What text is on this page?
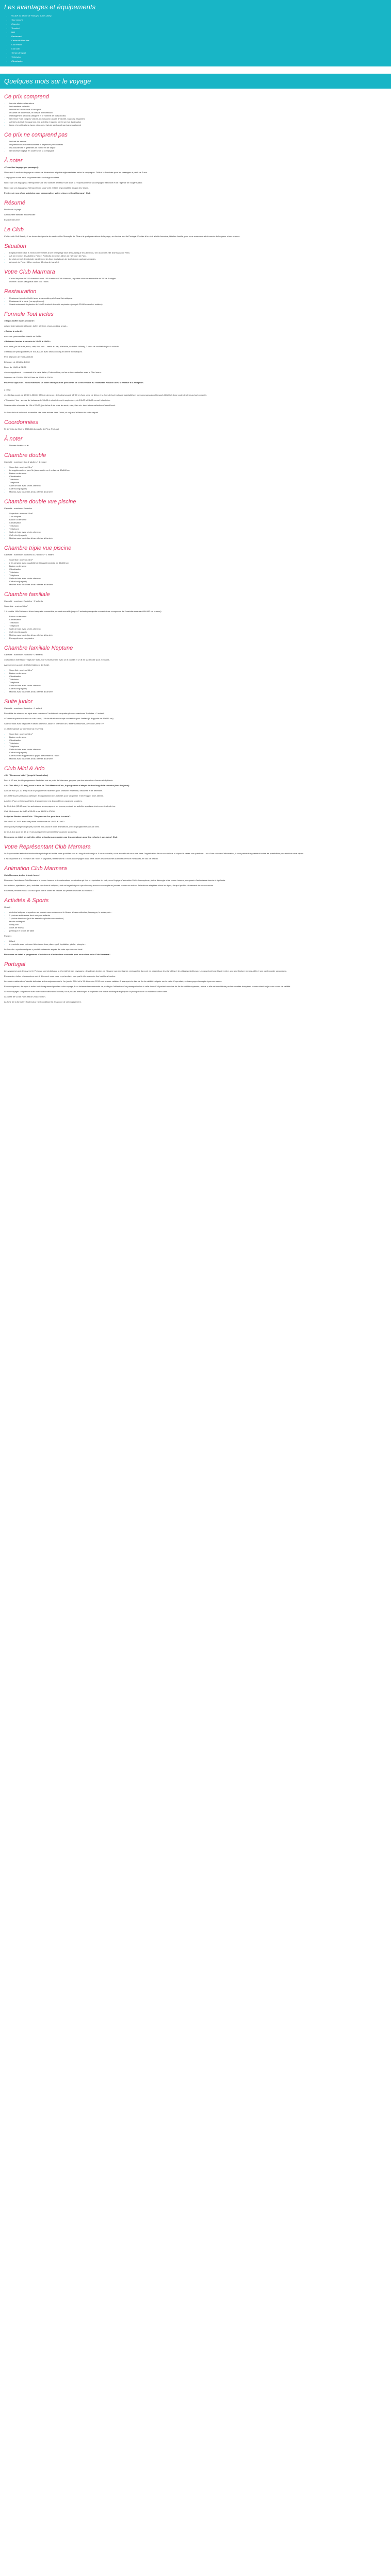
Les avantages et équipements
• Vol A/R au départ de Paris (+3 autres villes)
• Tout compris
• Chambre
• Transfert
• Wifi
• Restaurant
• Centre de bien-être
• Club enfant
• Club ado
• Terrain de sport
• Télévision
• Climatisation
Quelques mots sur le voyage
Ce prix comprend
• les vols affrétés aller retour
• les transferts collectifs
• l'accueil et l'assistance à l'aéroport
• le carnet de bienvenue, le chèque d'information
• l'hébergement selon la catégorie et le nombre de nuits choisis
• la formule "tout compris" (repas, en boissons locales à volonté, snacking et goûter)
• activités du Club (programme, les activités et sports) par le service d'animation
• taxes et modifications, taxes aéroports, frais de gestion et surcharge carburant
Ce prix ne comprend pas
• les frais de service
• les prestations non mentionnées et dépenses personnelles
• les assurances et garanties de bonne fin de séjour
• la franchise bagage en soute selon la compagnie
À noter

• Franchise bagage (par passager) :

Valise soit 1 seule du bagage en cabine de dimensions et poids réglementaires selon la compagnie. Celle à la franchise pour les passagers à partir de 2 ans.

1 bagage en soute est à supplément et à la charge du client.

Notez que vos bagages à l'aéroport lors de leur collecte de retour sont sous la responsabilité de la compagnie aérienne et de l'agence de l'organisateur.

Notez que vos bagages à l'aéroport sont sous votre entière responsabilité jusqu'à leur dépôt.

Profitez de nos offres spéciales pour personnaliser votre séjour en Club Marmara ! Club

Résumé

Proche de la plage

Atmosphère familiale et conviviale

Espace bien-être

Le Club

L'hôtel-club Golf Beach, 4* se trouve tout proche du centre-ville d'Armação de Pêra et à quelques mètres de la plage, sur la côte sud du Portugal. Profitez d'un club à taille humaine, idéal en famille, pour vous ressourcer et découvrir de l'Algarve et ses criques.

Situation
• Emplacement idéal, à environ 400 mètres d'une belle plage face de l'Atlantique et à environ 2 km du centre-ville d'Armação de Pêra.
• À 5 km environ de Albufeira. Faro et Portimão à environ 45 km de l'aéroport de Faro.
• Le club permet de rejoindre rapidement les lieux touristiques de la région en quelques minutes.
• Aéroport de Faro : 55 km environ, 50 mins de transfert.
Votre Club Marmara
• L'hôtel dispose de 232 chambres dont 150 chambres Club Marmara, réparties dans un ensemble de "U" de 4 étages.
• Internet : accès wifi gratuit dans tout l'hôtel.
Restauration
• Restaurant principal buffet avec show-cooking et dîners thématiques.
• Restaurant à la carte (en supplément).
• Snack-restaurant de piscine de 10h00 à minuit de mai à septembre (jusqu'à 22h30 en avril et octobre).
Formule Tout inclus

• Repas buffet matin à volonté :

cuisine internationale et locale, buffet à thème, show-cooking, snack...

• Goûter à volonté :

avec une gourmandise chaude ou froide.

• Boissons locales à volonté de 10h00 à 23h00 :

eau, bière, jus de fruits, soda, café, thé, vins... servis au bar, à la table, au buffet. Whisky, 2 choix de cocktail du jour à volonté.

• Restaurant principal buffet, le SOLEADO, avec show-cooking et dîners thématiques.

Petit déjeuner de 7h00 à 10h30

Déjeuner de 12h30 à 14h30

Dîner de 19h00 à 21h30

• Avec supplément : restaurant à la carte Italien, Poisson Dive, ou les entrées actuelles avec le Chef menu.

Déjeuner de 12h30 à 15h30 Dîner de 19h00 à 22h30

Pour vos séjour de 7 nuits minimum, un dîner offert pour les personnes de la réservation au restaurant Poisson Dive, si réservé à la réception.

2 bars :

• Le Bellao ouvert de 10h00 à 23h00, 08% de demeure, de toutes jusqu'à 18h00 et d'une carte de détox et la formule tout inclus de spécialités et boissons sans alcool (jusqu'à 18h00 et d'une carte de dîner au tout compris).

• "Sunshine" bar : service de boissons de 10h00 à minuit de mai à septembre ; de 19h00 à 23h00 en avril et octobre.

Snacks salés et sucrés de 10h à 22h30, jeu du bar & de chez les amis, café, thés etc. demi et une sélection d'alcool local.

La formule tout inclus est accessible dès votre arrivée dans l'hôtel, et ce jusqu'à l'heure de votre départ

Coordonnées

R. da Vista do Oiteiro, 8365-116 Armação de Pêra, Portugal

À noter
• Normes locales : 4 ★
Chambre double

Capacité : maximum 3 ou 2 adultes + 1 enfant

• Superficie : environ 23 m²
• Le supplément est pour 3e (deux adults ou 1 enfant de 80x180 cm
• Balcon ou terrasse
• Climatisation
• Télévision
• Téléphone
• Salle de bain avec sèche-cheveux
• Coffre-fort (payant)
• Minibar avec bouteilles d'eau offertes à l'arrivée
Chambre double vue piscine

Capacité : maximum 2 adultes

• Superficie : environ 23 m²
• 2 lits simples
• Balcon ou terrasse
• Climatisation
• Télévision
• Téléphone
• Salle de bain avec sèche-cheveux
• Coffre-fort (payant)
• Minibar avec bouteilles d'eau offertes à l'arrivée
Chambre triple vue piscine

Capacité : maximum 3 adultes ou 2 adultes + 1 enfant

• Superficie : environ 28 m²
• 2 lits simples avec possibilité de lit supplémentaire de 80x180 cm
• Balcon ou terrasse
• Climatisation
• Télévision
• Téléphone
• Salle de bain avec sèche-cheveux
• Coffre-fort (payant)
• Minibar avec bouteilles d'eau offertes à l'arrivée
Chambre familiale

Capacité : maximum 2 adultes + 2 enfants

Superficie : environ 34 m²

1 lit double 160x200 cm et d'une banquette convertible pouvant accueillir jusqu'à 2 enfants (banquette convertible se composant de 2 matelas mesurant 80x180 cm chacun).

• Balcon ou terrasse
• Climatisation
• Télévision
• Téléphone
• Salle de bain avec sèche-cheveux
• Coffre-fort (payant)
• Minibar avec bouteilles d'eau offertes à l'arrivée
• En supplément vue piscine
Chambre familiale Neptune

Capacité : maximum 2 adultes + 2 enfants

• Décoration esthétique "Neptune" autour de l'univers marin avec un lit double et un lit en superposé pour 2 enfants.

Agencement au sein de l'hôtel bâtiment de l'hôtel.

• Superficie : environ 34 m²
• Balcon ou terrasse
• Climatisation
• Télévision
• Téléphone
• Salle de bain avec sèche-cheveux
• Coffre-fort (payant)
• Minibar avec bouteilles d'eau offertes à l'arrivée
Suite junior

Capacité : maximum 3 adultes + 1 enfant

Possibilité de réserver en triple avec maximum 3 adultes et en quadruple avec maximum 3 adultes + 1 enfant.

• Chambre spacieuse avec un coin salon, 1 lit double et un canapé convertible pour l'enfant (lit d'appoint de 80x180 cm).

Salle de bain avec baignoire et sèche-cheveux, salon et chambre de 2 enfants maximum, avec une 2ème TV.

• Lit bébé gratuit sur demande (à réserver).

• Superficie : environ 56 m²
• Balcon ou terrasse
• Climatisation
• Télévision
• Téléphone
• Salle de bain avec sèche-cheveux
• Coffre-fort (payant)
• Coffre-fort en supplément à payer directement à l'hôtel
• Minibar avec bouteilles d'eau offertes à l'arrivée
Club Mini & Ado

• Kit "Bienvenue bébé" (jusqu'à 2 ans inclus)

De 4 à 17 ans, tout le programme d'activités mis au point de Marmara, proposé par des animateurs formés et diplômés.

• Au Club Mini (4-12 ans), sous le nom de Club Marmara Kids, le programme s'adapte tout au long de la semaine (tous les jours).

Au Club Ado (13-17 ans) : tout un programme d'activités pour s'amuser ensemble, découvrir et se détendre.

Les enfants peuvent aussi participer à l'organisation des activités pour s'exprimer et développer leurs talents.

À noter : Pour certaines activités, le programme est disponible en vacances scolaires.

Le Club Ado (13-17 ans), les animateurs accompagnent les jeunes pendant les activités sportives, événements et soirées.

Club Mini ouvert de 9h30 à 12h30 et de 14h30 à 17h30.

Le Qui se Rendez-vous Kids : "Pis placé en 1er pour tous les amis".

De 10h00 à 17h30 avec une pause méridienne de 12h30 à 14h30.

Un espace privilégié ou propre pour les mini-clubs et leurs animateurs, avec le programme au Club Mini.

Le Club Ado pour les 13 à 17 ans (uniquement pendant les vacances scolaires).

Retrouvez en détail les activités et les animations proposées par les animateurs pour les enfants et vos ados ! Club

Votre Représentant Club Marmara

Le Représentant est votre interlocuteur privilégié et facilite votre quotidien tout au long de votre séjour. Il vous conseille, vous accueille et vous aide dans l'organisation de vos excursions et répond à toutes vos questions. Lors d'une réunion d'information, il vous présente également toutes les possibilités pour enrichir votre séjour.

Il est disponible à la réception de l'hôtel et joignable par téléphone. Il vous accompagne aussi dans toutes les démarches administratives et médicales, en cas de besoin.

Animation Club Marmara

Club Marmara, du fun à toute heure !

Retrouvez l'ambiance Club Marmara, la bonne humeur et les animations conviviales qui font la réputation du club, avec l'équipe d'animation 100% francophone, pleine d'énergie et de bonne humeur, composée d'animateurs formés et diplômés.

Les soirées, spectacles, jeux, activités sportives et ludiques, tout est organisé pour que chacun y trouve son compte en journée comme en soirée. Animations adaptées à tous les âges, de quoi profiter pleinement de vos vacances.

Ensemble, rendez-vous à la Disco pour finir la soirée en beauté au rythme des tubes du moment !

Activités & Sports

Gratuit :

• Activités ludiques et sportives en journée avec notamment le fitness à base collective, l'aquagym, le water-polo...
• 2 piscines extérieures dont une pour enfants
• 1 piscine intérieure (prêt de serviettes piscine avec caution)
• terrain multisport
• volley-ball
• cours de fitness
• pétanque et tennis de table

Payant :

• billard
• à proximité avec paiement directement sur place : golf, équitation, pêche, plongée...

La formule « sports nautiques » peut être réservée auprès de votre représentant local.

Retrouvez en détail le programme d'activités et d'animations concocté pour vous dans votre Club Marmara !

Portugal

Les voyageurs qui découvrent le Portugal sont séduits par la diversité de ses paysages : des plages dorées de l'Algarve aux montagnes verdoyantes du nord, en passant par les vignobles et les villages médiévaux. Le pays réunit une histoire riche, une architecture remarquable et une gastronomie savoureuse.

Escapades, visites et excursions sont à découvrir avec votre représentant, pour partir à la rencontre des traditions locales.

Les cartes nationales d'identité délivrées à des majeurs entre le 1er janvier 2004 et le 31 décembre 2013 sont encore valables 5 ans après la date de fin de validité indiquée sur la carte. Cependant, certains pays n'acceptent pas ces cartes.

En conséquence, de façon à éviter tout désagrément pendant votre voyage, il est fortement recommandé de privilégier l'utilisation d'un passeport valide à celle d'une CNI portant une date de fin de validité dépassée, même si elle est considérée par les autorités françaises comme étant toujours en cours de validité.

Si vous voyagez uniquement avec votre carte nationale d'identité, vous pouvez télécharger et imprimer une notice multilingue expliquant la prorogation de la validité de votre carte.

La durée de vol de Paris est de 2h40 environ.

La fiche de la formule « Tout inclus » est conditionnée à l'accord de cet engagement.
